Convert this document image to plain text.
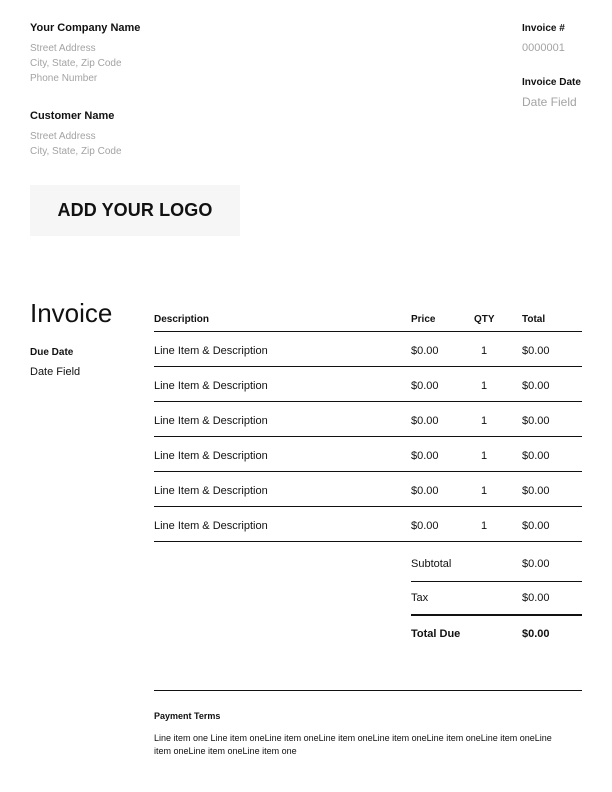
Your Company Name
Street Address
City, State, Zip Code
Phone Number
Customer Name
Street Address
City, State, Zip Code
Invoice #
0000001
Invoice Date
Date Field
ADD YOUR LOGO
Invoice
Due Date
Date Field
Description	Price	QTY	Total
Line Item & Description	$0.00	1	$0.00
Line Item & Description	$0.00	1	$0.00
Line Item & Description	$0.00	1	$0.00
Line Item & Description	$0.00	1	$0.00
Line Item & Description	$0.00	1	$0.00
Line Item & Description	$0.00	1	$0.00
Subtotal	$0.00
Tax	$0.00
Total Due	$0.00
Payment Terms
Line item one Line item oneLine item oneLine item oneLine item oneLine item oneLine item oneLine item oneLine item oneLine item one
